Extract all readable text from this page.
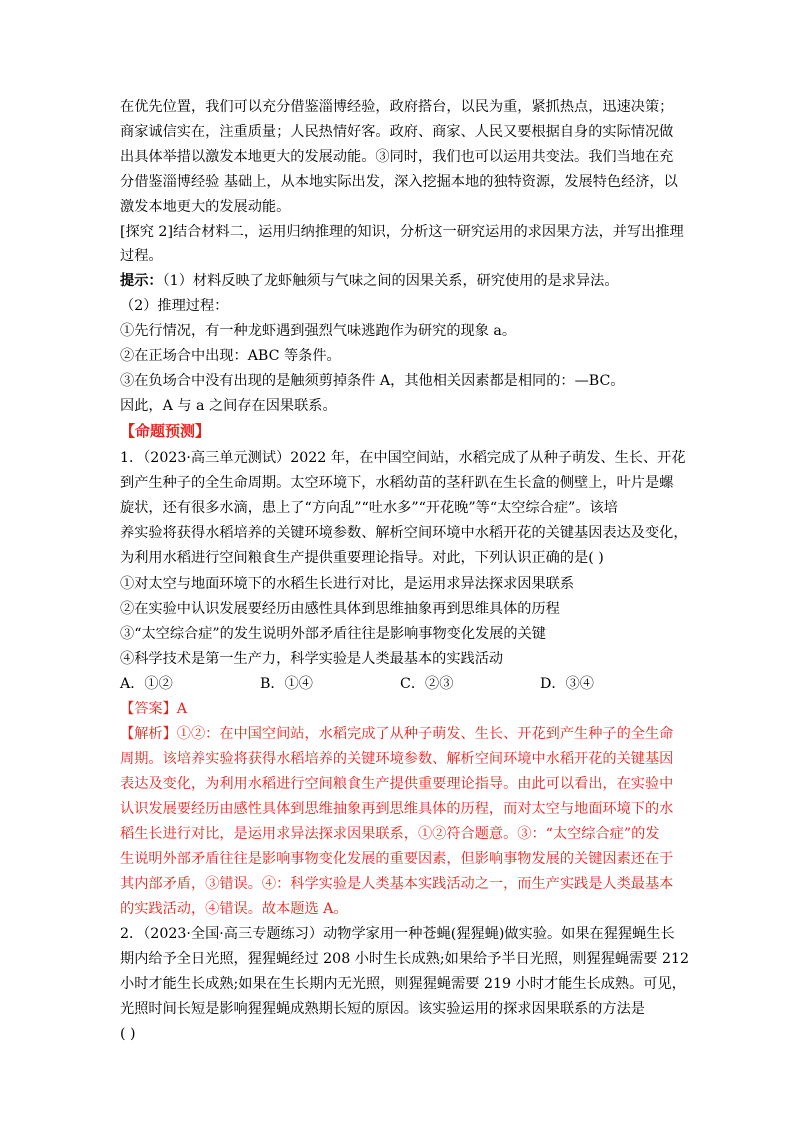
在优先位置，我们可以充分借鉴淄博经验，政府搭台，以民为重，紧抓热点，迅速决策；
商家诚信实在，注重质量；人民热情好客。政府、商家、人民又要根据自身的实际情况做
出具体举措以激发本地更大的发展动能。③同时，我们也可以运用共变法。我们当地在充
分借鉴淄博经验 基础上，从本地实际出发，深入挖掘本地的独特资源，发展特色经济，以
激发本地更大的发展动能。
[探究 2]结合材料二，运用归纳推理的知识，分析这一研究运用的求因果方法，并写出推理
过程。
提示：（1）材料反映了龙虾触须与气味之间的因果关系，研究使用的是求异法。
（2）推理过程：
①先行情况，有一种龙虾遇到强烈气味逃跑作为研究的现象 a。
②在正场合中出现：ABC 等条件。
③在负场合中没有出现的是触须剪掉条件 A，其他相关因素都是相同的：—BC。
因此，A 与 a 之间存在因果联系。
【命题预测】
1．（2023·高三单元测试）2022 年，在中国空间站，水稻完成了从种子萌发、生长、开花
到产生种子的全生命周期。太空环境下，水稻幼苗的茎秆趴在生长盒的侧壁上，叶片是螺
旋状，还有很多水滴，患上了“方向乱”“吐水多”“开花晚”等“太空综合症”。该培
养实验将获得水稻培养的关键环境参数、解析空间环境中水稻开花的关键基因表达及变化，
为利用水稻进行空间粮食生产提供重要理论指导。对此，下列认识正确的是( )
①对太空与地面环境下的水稻生长进行对比，是运用求异法探求因果联系
②在实验中认识发展要经历由感性具体到思维抽象再到思维具体的历程
③“太空综合症”的发生说明外部矛盾往往是影响事物变化发展的关键
④科学技术是第一生产力，科学实验是人类最基本的实践活动
A．①②	B．①④	C．②③	D．③④
【答案】A
【解析】①②：在中国空间站，水稻完成了从种子萌发、生长、开花到产生种子的全生命
周期。该培养实验将获得水稻培养的关键环境参数、解析空间环境中水稻开花的关键基因
表达及变化，为利用水稻进行空间粮食生产提供重要理论指导。由此可以看出，在实验中
认识发展要经历由感性具体到思维抽象再到思维具体的历程，而对太空与地面环境下的水
稻生长进行对比，是运用求异法探求因果联系，①②符合题意。③：“太空综合症”的发
生说明外部矛盾往往是影响事物变化发展的重要因素，但影响事物发展的关键因素还在于
其内部矛盾，③错误。④：科学实验是人类基本实践活动之一，而生产实践是人类最基本
的实践活动，④错误。故本题选 A。
2．（2023·全国·高三专题练习）动物学家用一种苍蝇(猩猩蝇)做实验。如果在猩猩蝇生长
期内给予全日光照，猩猩蝇经过 208 小时生长成熟;如果给予半日光照，则猩猩蝇需要 212
小时才能生长成熟;如果在生长期内无光照，则猩猩蝇需要 219 小时才能生长成熟。可见，
光照时间长短是影响猩猩蝇成熟期长短的原因。该实验运用的探求因果联系的方法是
( )
